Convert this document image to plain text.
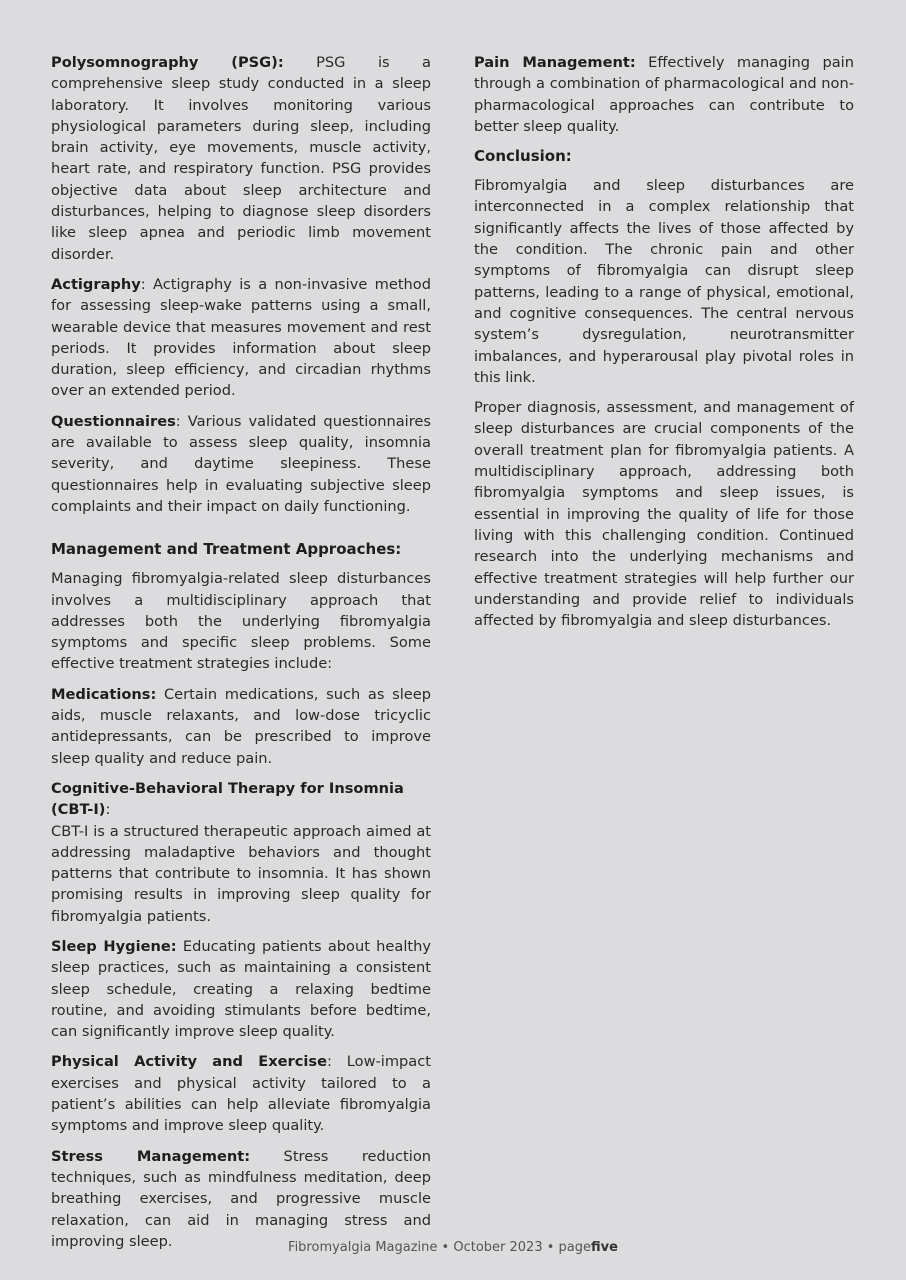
Polysomnography (PSG): PSG is a comprehensive sleep study conducted in a sleep laboratory. It involves monitoring various physiological parameters during sleep, including brain activity, eye movements, muscle activity, heart rate, and respiratory function. PSG provides objective data about sleep architecture and disturbances, helping to diagnose sleep disorders like sleep apnea and periodic limb movement disorder.

Actigraphy: Actigraphy is a non-invasive method for assessing sleep-wake patterns using a small, wearable device that measures movement and rest periods. It provides information about sleep duration, sleep efficiency, and circadian rhythms over an extended period.

Questionnaires: Various validated questionnaires are available to assess sleep quality, insomnia severity, and daytime sleepiness. These questionnaires help in evaluating subjective sleep complaints and their impact on daily functioning.

Management and Treatment Approaches:

Managing fibromyalgia-related sleep disturbances involves a multidisciplinary approach that addresses both the underlying fibromyalgia symptoms and specific sleep problems. Some effective treatment strategies include:

Medications: Certain medications, such as sleep aids, muscle relaxants, and low-dose tricyclic antidepressants, can be prescribed to improve sleep quality and reduce pain.

Cognitive-Behavioral Therapy for Insomnia (CBT-I):

CBT-I is a structured therapeutic approach aimed at addressing maladaptive behaviors and thought patterns that contribute to insomnia. It has shown promising results in improving sleep quality for fibromyalgia patients.

Sleep Hygiene: Educating patients about healthy sleep practices, such as maintaining a consistent sleep schedule, creating a relaxing bedtime routine, and avoiding stimulants before bedtime, can significantly improve sleep quality.

Physical Activity and Exercise: Low-impact exercises and physical activity tailored to a patient’s abilities can help alleviate fibromyalgia symptoms and improve sleep quality.

Stress Management: Stress reduction techniques, such as mindfulness meditation, deep breathing exercises, and progressive muscle relaxation, can aid in managing stress and improving sleep.

Pain Management: Effectively managing pain through a combination of pharmacological and non-pharmacological approaches can contribute to better sleep quality.

Conclusion:

Fibromyalgia and sleep disturbances are interconnected in a complex relationship that significantly affects the lives of those affected by the condition. The chronic pain and other symptoms of fibromyalgia can disrupt sleep patterns, leading to a range of physical, emotional, and cognitive consequences. The central nervous system’s dysregulation, neurotransmitter imbalances, and hyperarousal play pivotal roles in this link.

Proper diagnosis, assessment, and management of sleep disturbances are crucial components of the overall treatment plan for fibromyalgia patients. A multidisciplinary approach, addressing both fibromyalgia symptoms and sleep issues, is essential in improving the quality of life for those living with this challenging condition. Continued research into the underlying mechanisms and effective treatment strategies will help further our understanding and provide relief to individuals affected by fibromyalgia and sleep disturbances.

Fibromyalgia Magazine • October 2023 • pagefive
